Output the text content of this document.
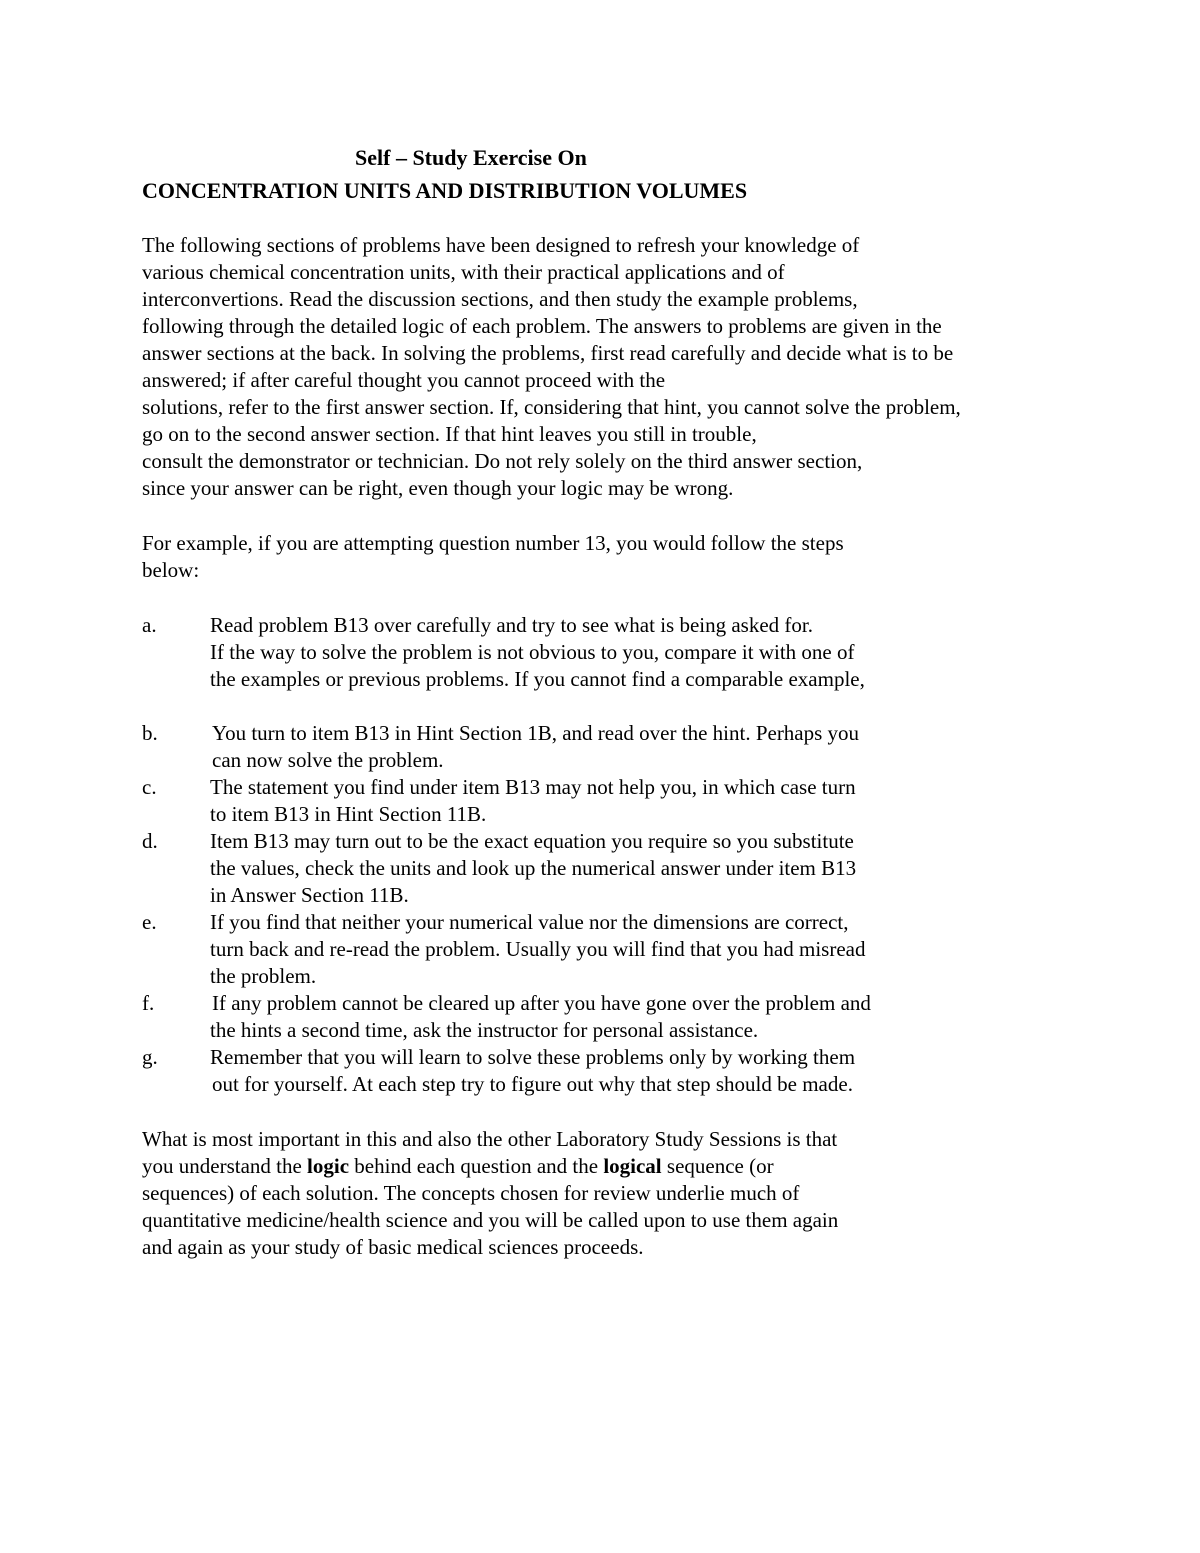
Self – Study Exercise On
CONCENTRATION UNITS AND DISTRIBUTION VOLUMES
The following sections of problems have been designed to refresh your knowledge of
various chemical concentration units, with their practical applications and of
interconvertions. Read the discussion sections, and then study the example problems,
following through the detailed logic of each problem. The answers to problems are given in the
answer sections at the back. In solving the problems, first read carefully and decide what is to be
answered; if after careful thought you cannot proceed with the
solutions, refer to the first answer section. If, considering that hint, you cannot solve the problem,
go on to the second answer section. If that hint leaves you still in trouble,
consult the demonstrator or technician. Do not rely solely on the third answer section,
since your answer can be right, even though your logic may be wrong.
For example, if you are attempting question number 13, you would follow the steps
below:
a.	Read problem B13 over carefully and try to see what is being asked for.
If the way to solve the problem is not obvious to you, compare it with one of
the examples or previous problems. If you cannot find a comparable example,
b.	You turn to item B13 in Hint Section 1B, and read over the hint. Perhaps you
can now solve the problem.
c.	The statement you find under item B13 may not help you, in which case turn
to item B13 in Hint Section 11B.
d. Item B13 may turn out to be the exact equation you require so you substitute
the values, check the units and look up the numerical answer under item B13
in Answer Section 11B.
e.	If you find that neither your numerical value nor the dimensions are correct,
turn back and re-read the problem. Usually you will find that you had misread
the problem.
f.	If any problem cannot be cleared up after you have gone over the problem and
the hints a second time, ask the instructor for personal assistance.
g. Remember that you will learn to solve these problems only by working them
out for yourself. At each step try to figure out why that step should be made.
What is most important in this and also the other Laboratory Study Sessions is that
you understand the logic behind each question and the logical sequence (or
sequences) of each solution. The concepts chosen for review underlie much of
quantitative medicine/health science and you will be called upon to use them again
and again as your study of basic medical sciences proceeds.
